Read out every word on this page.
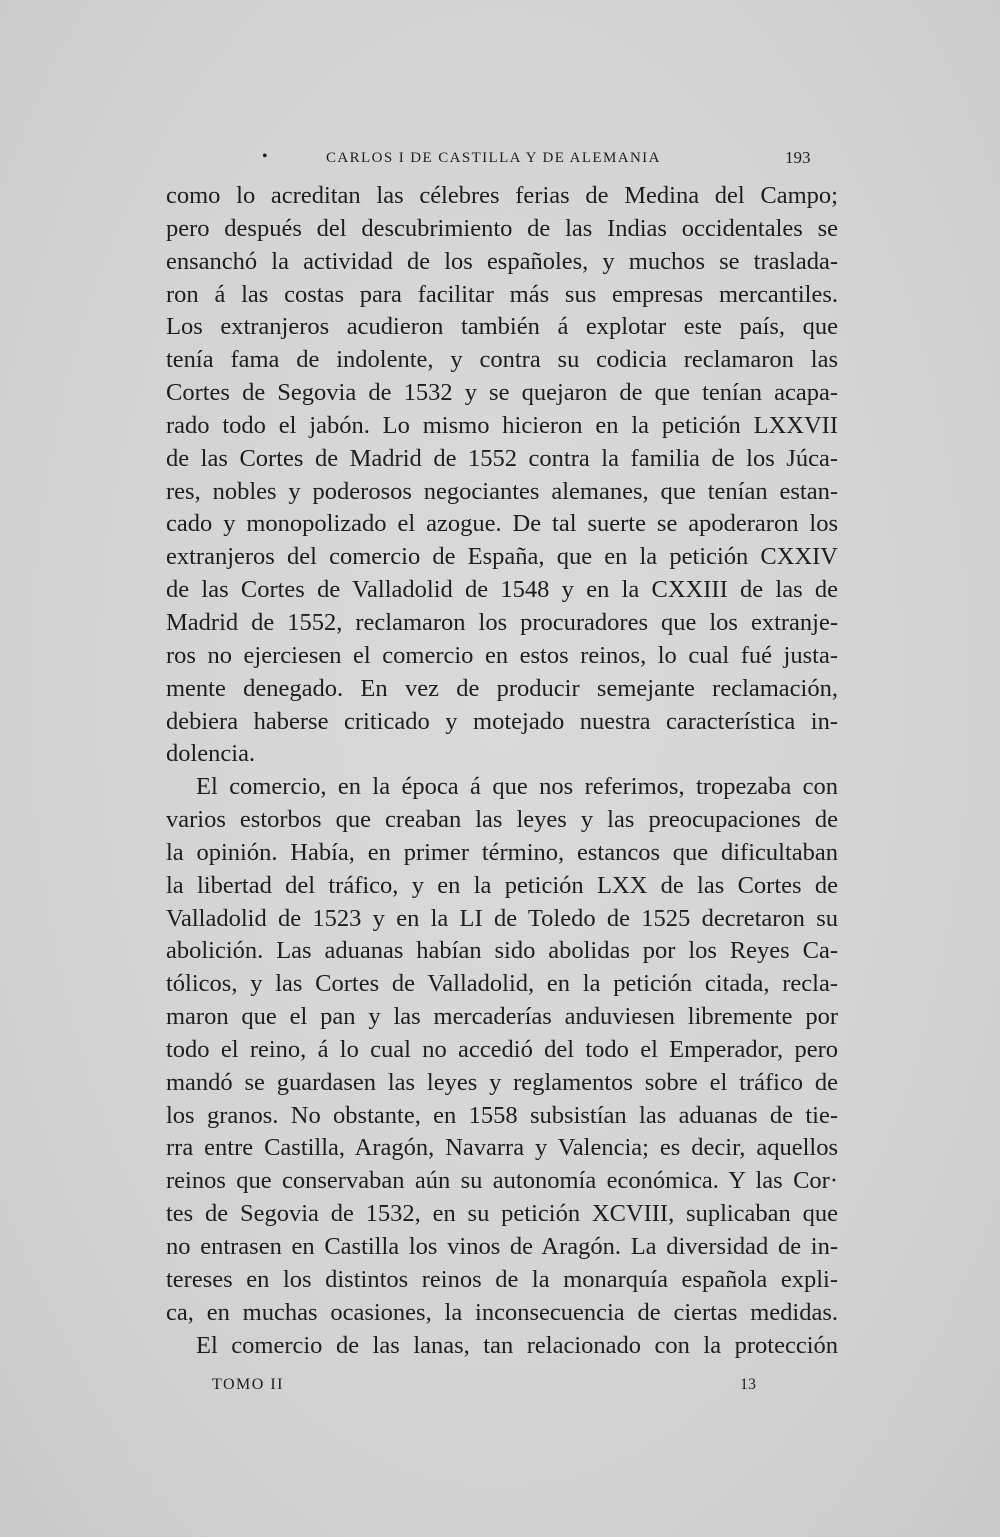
•	CARLOS I DE CASTILLA Y DE ALEMANIA	193
como lo acreditan las célebres ferias de Medina del Campo;
pero después del descubrimiento de las Indias occidentales se
ensanchó la actividad de los españoles, y muchos se traslada-
ron á las costas para facilitar más sus empresas mercantiles.
Los extranjeros acudieron también á explotar este país, que
tenía fama de indolente, y contra su codicia reclamaron las
Cortes de Segovia de 1532 y se quejaron de que tenían acapa-
rado todo el jabón. Lo mismo hicieron en la petición LXXVII
de las Cortes de Madrid de 1552 contra la familia de los Júca-
res, nobles y poderosos negociantes alemanes, que tenían estan-
cado y monopolizado el azogue. De tal suerte se apoderaron los
extranjeros del comercio de España, que en la petición CXXIV
de las Cortes de Valladolid de 1548 y en la CXXIII de las de
Madrid de 1552, reclamaron los procuradores que los extranje-
ros no ejerciesen el comercio en estos reinos, lo cual fué justa-
mente denegado. En vez de producir semejante reclamación,
debiera haberse criticado y motejado nuestra característica in-
dolencia.
El comercio, en la época á que nos referimos, tropezaba con
varios estorbos que creaban las leyes y las preocupaciones de
la opinión. Había, en primer término, estancos que dificultaban
la libertad del tráfico, y en la petición LXX de las Cortes de
Valladolid de 1523 y en la LI de Toledo de 1525 decretaron su
abolición. Las aduanas habían sido abolidas por los Reyes Ca-
tólicos, y las Cortes de Valladolid, en la petición citada, recla-
maron que el pan y las mercaderías anduviesen libremente por
todo el reino, á lo cual no accedió del todo el Emperador, pero
mandó se guardasen las leyes y reglamentos sobre el tráfico de
los granos. No obstante, en 1558 subsistían las aduanas de tie-
rra entre Castilla, Aragón, Navarra y Valencia; es decir, aquellos
reinos que conservaban aún su autonomía económica. Y las Cor·
tes de Segovia de 1532, en su petición XCVIII, suplicaban que
no entrasen en Castilla los vinos de Aragón. La diversidad de in-
tereses en los distintos reinos de la monarquía española expli-
ca, en muchas ocasiones, la inconsecuencia de ciertas medidas.
El comercio de las lanas, tan relacionado con la protección
TOMO II	13
